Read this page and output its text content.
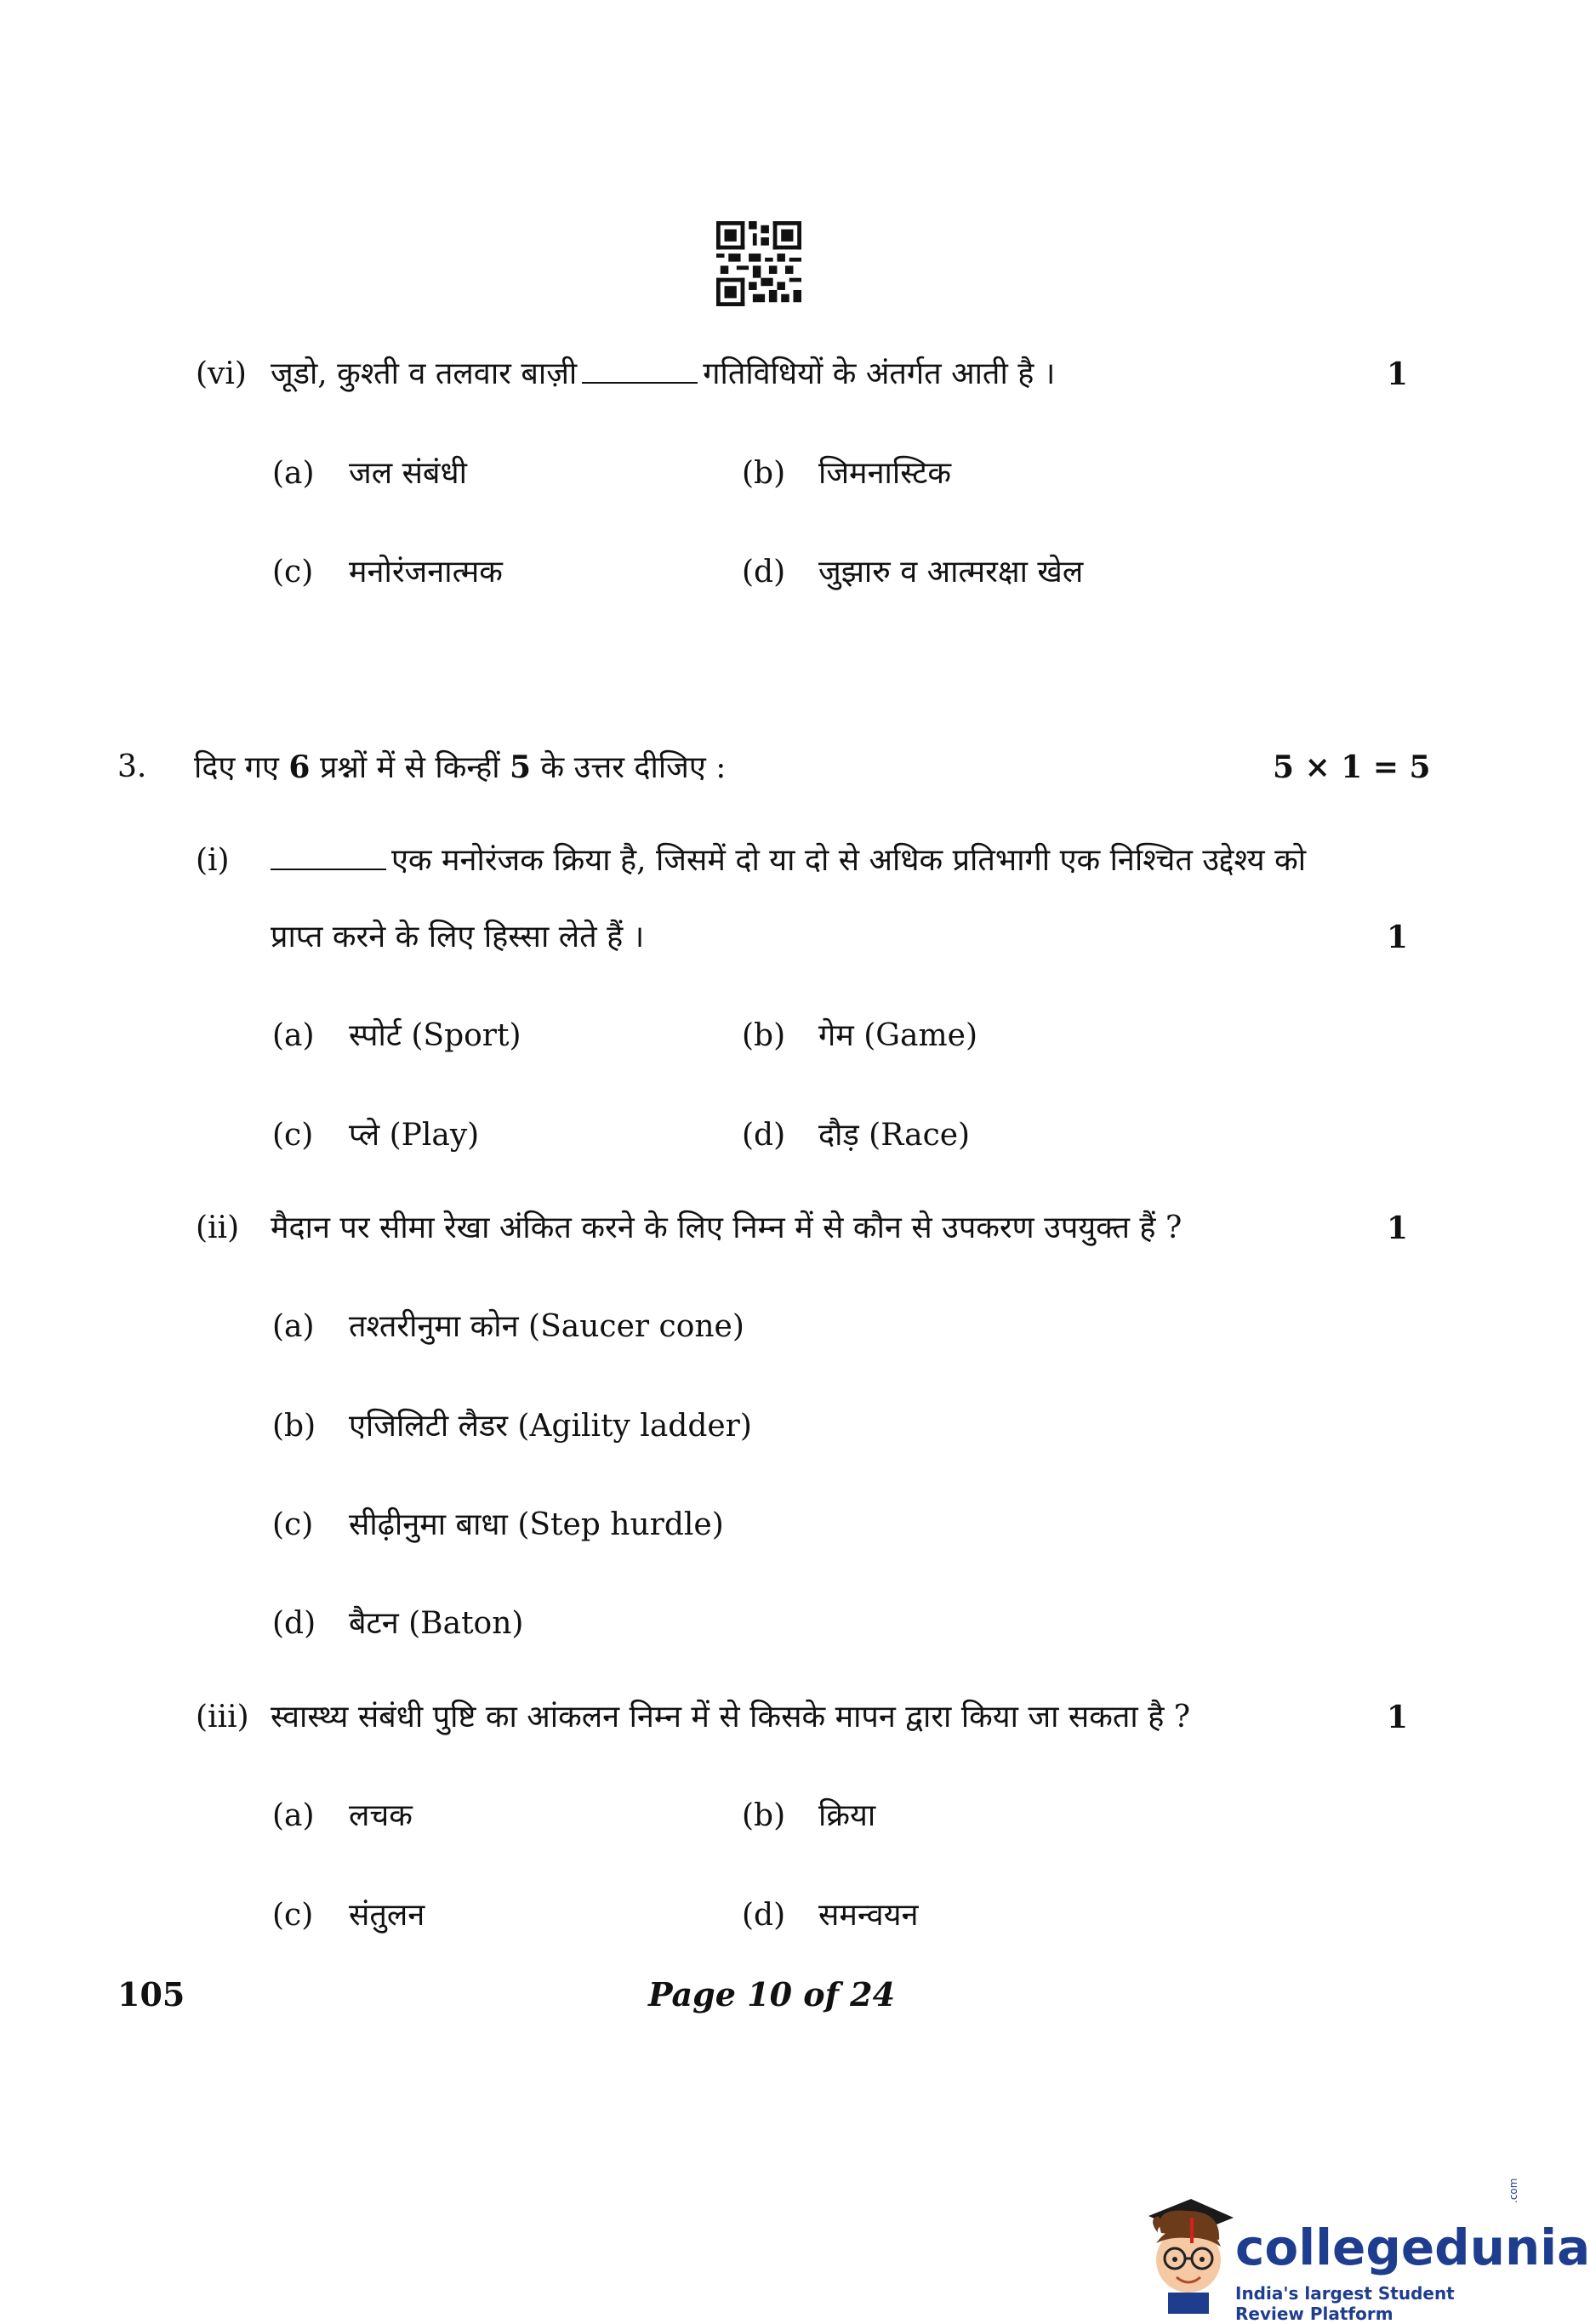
(vi) जूडो, कुश्ती व तलवार बाज़ी	गतिविधियों के अंतर्गत आती है ।	1
(a) जल संबंधी	(b) जिमनास्टिक
(c) मनोरंजनात्मक	(d) जुझारु व आत्मरक्षा खेल
3. दिए गए 6 प्रश्नों में से किन्हीं 5 के उत्तर दीजिए :	5 × 1 = 5
(i)	एक मनोरंजक क्रिया है, जिसमें दो या दो से अधिक प्रतिभागी एक निश्चित उद्देश्य को
प्राप्त करने के लिए हिस्सा लेते हैं ।	1
(a) स्पोर्ट (Sport)	(b) गेम (Game)
(c) प्ले (Play)	(d) दौड़ (Race)
(ii) मैदान पर सीमा रेखा अंकित करने के लिए निम्न में से कौन से उपकरण उपयुक्त हैं ?	1
(a) तश्तरीनुमा कोन (Saucer cone)
(b) एजिलिटी लैडर (Agility ladder)
(c) सीढ़ीनुमा बाधा (Step hurdle)
(d) बैटन (Baton)
(iii) स्वास्थ्य संबंधी पुष्टि का आंकलन निम्न में से किसके मापन द्वारा किया जा सकता है ?	1
(a) लचक	(b) क्रिया
(c) संतुलन	(d) समन्वयन
105	Page 10 of 24
collegedunia
.com
India's largest Student Review Platform
